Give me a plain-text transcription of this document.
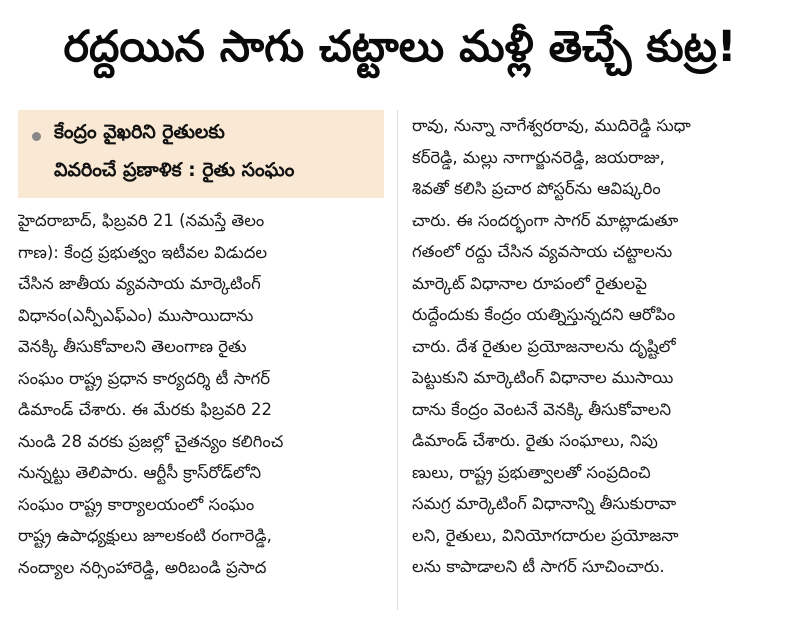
రద్దయిన సాగు చట్టాలు మళ్లీ తెచ్చే కుట్ర!
కేంద్రం వైఖరిని రైతులకు
వివరించే ప్రణాళిక : రైతు సంఘం
హైదరాబాద్, ఫిబ్రవరి 21 (నమస్తే తెలం
గాణ): కేంద్ర ప్రభుత్వం ఇటీవల విడుదల
చేసిన జాతీయ వ్యవసాయ మార్కెటింగ్
విధానం(ఎన్పీఎఫ్ఎం) ముసాయిదాను
వెనక్కి తీసుకోవాలని తెలంగాణ రైతు
సంఘం రాష్ట్ర ప్రధాన కార్యదర్శి టీ సాగర్
డిమాండ్ చేశారు. ఈ మేరకు ఫిబ్రవరి 22
నుండి 28 వరకు ప్రజల్లో చైతన్యం కలిగించ
నున్నట్టు తెలిపారు. ఆర్టీసీ క్రాస్‌రోడ్‌లోని
సంఘం రాష్ట్ర కార్యాలయంలో సంఘం
రాష్ట్ర ఉపాధ్యక్షులు జూలకంటి రంగారెడ్డి,
నంద్యాల నర్సింహారెడ్డి, అరిబండి ప్రసాద
రావు, నున్నా నాగేశ్వరరావు, ముదిరెడ్డి సుధా
కర్‌రెడ్డి, మల్లు నాగార్జునరెడ్డి, జయరాజు,
శివతో కలిసి ప్రచార పోస్టర్‌ను ఆవిష్కరిం
చారు. ఈ సందర్భంగా సాగర్ మాట్లాడుతూ
గతంలో రద్దు చేసిన వ్యవసాయ చట్టాలను
మార్కెట్ విధానాల రూపంలో రైతులపై
రుద్దేందుకు కేంద్రం యత్నిస్తున్నదని ఆరోపిం
చారు. దేశ రైతుల ప్రయోజనాలను దృష్టిలో
పెట్టుకుని మార్కెటింగ్ విధానాల ముసాయి
దాను కేంద్రం వెంటనే వెనక్కి తీసుకోవాలని
డిమాండ్ చేశారు. రైతు సంఘాలు, నిపు
ణులు, రాష్ట్ర ప్రభుత్వాలతో సంప్రదించి
సమగ్ర మార్కెటింగ్ విధానాన్ని తీసుకురావా
లని, రైతులు, వినియోగదారుల ప్రయోజనా
లను కాపాడాలని టీ సాగర్ సూచించారు.
